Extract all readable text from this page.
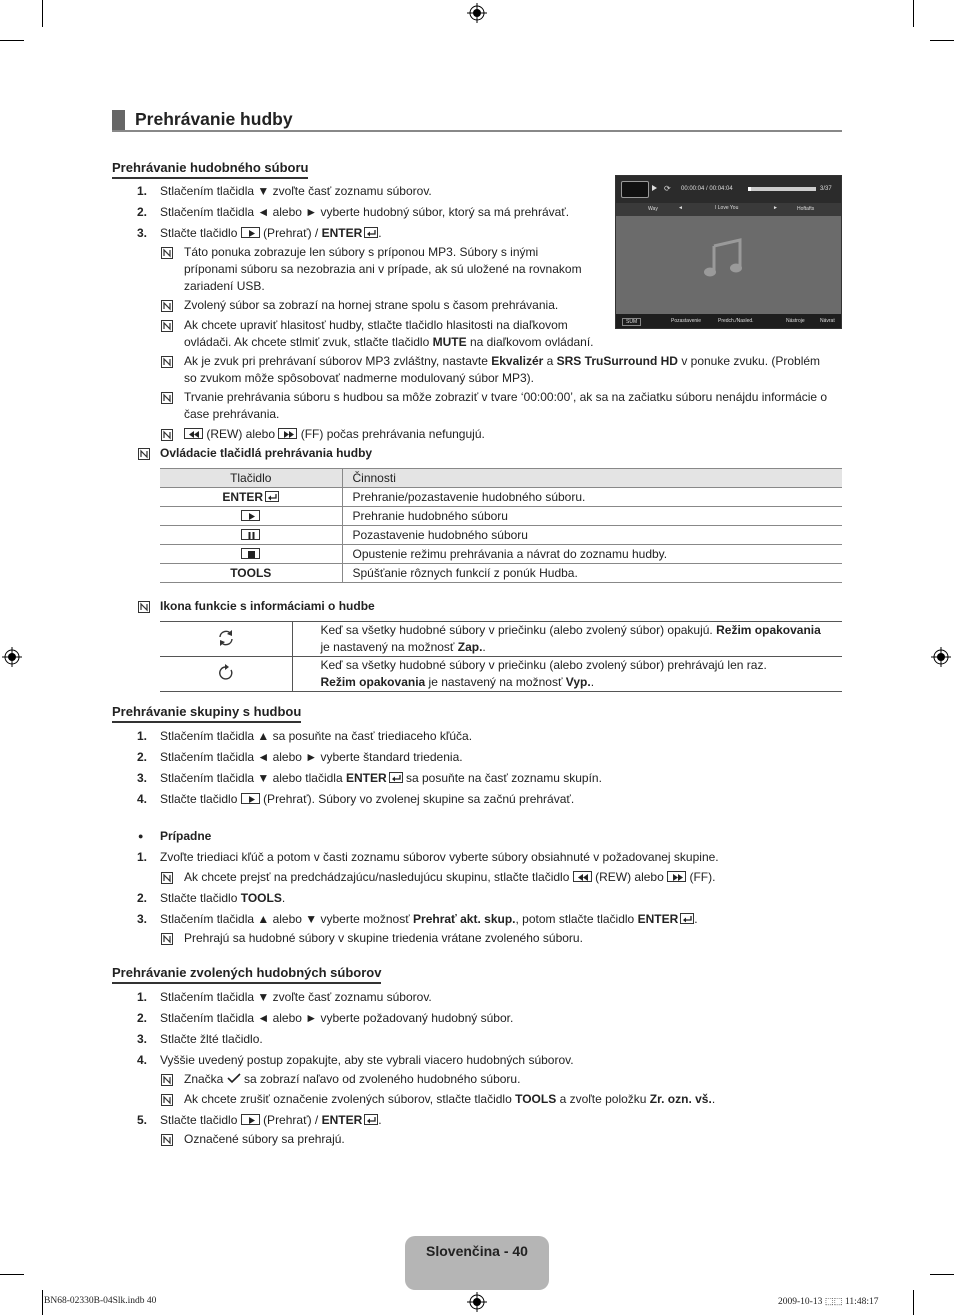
Prehrávanie hudby
Prehrávanie hudobného súboru
1. Stlačením tlačidla ▼ zvoľte časť zoznamu súborov.
2. Stlačením tlačidla ◄ alebo ► vyberte hudobný súbor, ktorý sa má prehrávať.
3. Stlačte tlačidlo (Prehrať) / ENTER .
Táto ponuka zobrazuje len súbory s príponou MP3. Súbory s inými
príponami súboru sa nezobrazia ani v prípade, ak sú uložené na rovnakom
zariadení USB.
Zvolený súbor sa zobrazí na hornej strane spolu s časom prehrávania.
Ak chcete upraviť hlasitosť hudby, stlačte tlačidlo hlasitosti na diaľkovom
ovládači. Ak chcete stlmiť zvuk, stlačte tlačidlo MUTE na diaľkovom ovládaní.
Ak je zvuk pri prehrávaní súborov MP3 zvláštny, nastavte Ekvalizér a SRS TruSurround HD v ponuke zvuku. (Problém
so zvukom môže spôsobovať nadmerne modulovaný súbor MP3).
Trvanie prehrávania súboru s hudbou sa môže zobraziť v tvare ‘00:00:00’, ak sa na začiatku súboru nenájdu informácie o
čase prehrávania.
(REW) alebo (FF) počas prehrávania nefungujú.
Ovládacie tlačidlá prehrávania hudby
⟳ 00:00:04 / 00:04:04	3/37
Way	◄	I Love You	►	Hoftafts
SUM	Pozastavenie	Predch./Nasled.	Nástroje	Návrat
Tlačidlo	Činnosti
ENTER	Prehranie/pozastavenie hudobného súboru.

	Prehranie hudobného súboru

	Pozastavenie hudobného súboru

	Opustenie režimu prehrávania a návrat do zoznamu hudby.
TOOLS	Spúšťanie rôznych funkcií z ponúk Hudba.
Ikona funkcie s informáciami o hudbe

Keď sa všetky hudobné súbory v priečinku (alebo zvolený súbor) opakujú. Režim opakovania
je nastavený na možnosť Zap..

Keď sa všetky hudobné súbory v priečinku (alebo zvolený súbor) prehrávajú len raz.
Režim opakovania je nastavený na možnosť Vyp..
Prehrávanie skupiny s hudbou
1. Stlačením tlačidla ▲ sa posuňte na časť triediaceho kľúča.
2. Stlačením tlačidla ◄ alebo ► vyberte štandard triedenia.
3. Stlačením tlačidla ▼ alebo tlačidla ENTER
sa posuňte na časť zoznamu skupín.
4. Stlačte tlačidlo (Prehrať). Súbory vo zvolenej skupine sa začnú prehrávať.
● Prípadne
1. Zvoľte triediaci kľúč a potom v časti zoznamu súborov vyberte súbory obsiahnuté v požadovanej skupine.
Ak chcete prejsť na predchádzajúcu/nasledujúcu skupinu, stlačte tlačidlo (REW) alebo (FF).
2. Stlačte tlačidlo TOOLS.
3. Stlačením tlačidla ▲ alebo ▼ vyberte možnosť Prehrať akt. skup., potom stlačte tlačidlo ENTER .
Prehrajú sa hudobné súbory v skupine triedenia vrátane zvoleného súboru.
Prehrávanie zvolených hudobných súborov
1. Stlačením tlačidla ▼ zvoľte časť zoznamu súborov.
2. Stlačením tlačidla ◄ alebo ► vyberte požadovaný hudobný súbor.
3. Stlačte žlté tlačidlo.
4. Vyššie uvedený postup zopakujte, aby ste vybrali viacero hudobných súborov.
Značka sa zobrazí naľavo od zvoleného hudobného súboru.
Ak chcete zrušiť označenie zvolených súborov, stlačte tlačidlo TOOLS a zvoľte položku Zr. ozn. vš..
5. Stlačte tlačidlo (Prehrať) / ENTER .
Označené súbory sa prehrajú.
Slovenčina - 40
BN68-02330B-04Slk.indb 40	2009-10-13 ⬚⬚ 11:48:17
